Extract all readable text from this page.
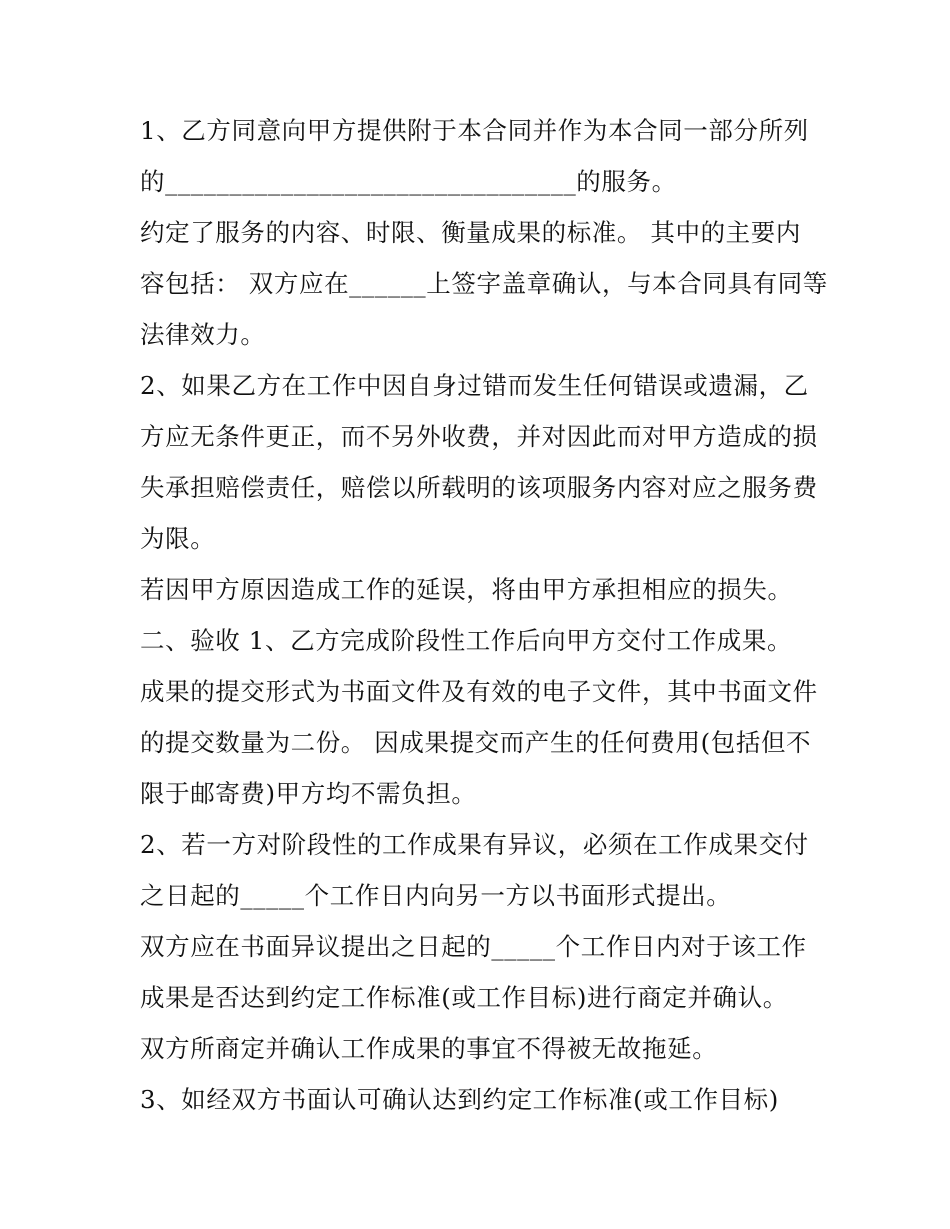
1、乙方同意向甲方提供附于本合同并作为本合同一部分所列
的________________________________的服务。
约定了服务的内容、时限、衡量成果的标准。 其中的主要内
容包括： 双方应在______上签字盖章确认，与本合同具有同等
法律效力。
2、如果乙方在工作中因自身过错而发生任何错误或遗漏，乙
方应无条件更正，而不另外收费，并对因此而对甲方造成的损
失承担赔偿责任，赔偿以所载明的该项服务内容对应之服务费
为限。
若因甲方原因造成工作的延误，将由甲方承担相应的损失。
二、验收 1、乙方完成阶段性工作后向甲方交付工作成果。
成果的提交形式为书面文件及有效的电子文件，其中书面文件
的提交数量为二份。 因成果提交而产生的任何费用(包括但不
限于邮寄费)甲方均不需负担。
2、若一方对阶段性的工作成果有异议，必须在工作成果交付
之日起的_____个工作日内向另一方以书面形式提出。
双方应在书面异议提出之日起的_____个工作日内对于该工作
成果是否达到约定工作标准(或工作目标)进行商定并确认。
双方所商定并确认工作成果的事宜不得被无故拖延。
3、如经双方书面认可确认达到约定工作标准(或工作目标)
